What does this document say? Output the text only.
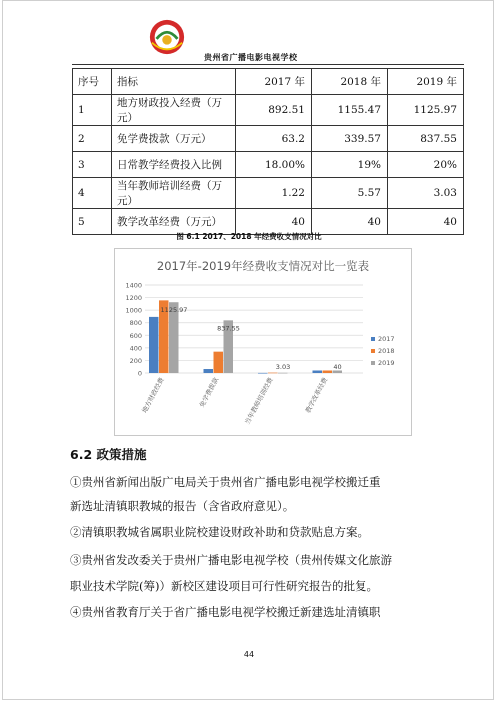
贵州省广播电影电视学校
序号	指标	2017 年	2018 年	2019 年
1	地方财政投入经费（万元）	892.51	1155.47	1125.97
2	免学费拨款（万元）	63.2	339.57	837.55
3	日常教学经费投入比例	18.00%	19%	20%
4	当年教师培训经费（万元）	1.22	5.57	3.03
5	教学改革经费（万元）	40	40	40
图 6.1 2017、2018 年经费收支情况对比
2017年-2019年经费收支情况对比一览表
0
200
400
600
800
1000
1200
1400
1125.97
地方财政经费
837.55
免学费拨款
3.03
当年教师培训经费
40
教学改革经费
2017
2018
2019
6.2 政策措施
①贵州省新闻出版广电局关于贵州省广播电影电视学校搬迁重
新选址清镇职教城的报告（含省政府意见）。
②清镇职教城省属职业院校建设财政补助和贷款贴息方案。
③贵州省发改委关于贵州广播电影电视学校（贵州传媒文化旅游
职业技术学院(筹)）新校区建设项目可行性研究报告的批复。
④贵州省教育厅关于省广播电影电视学校搬迁新建选址清镇职
44
